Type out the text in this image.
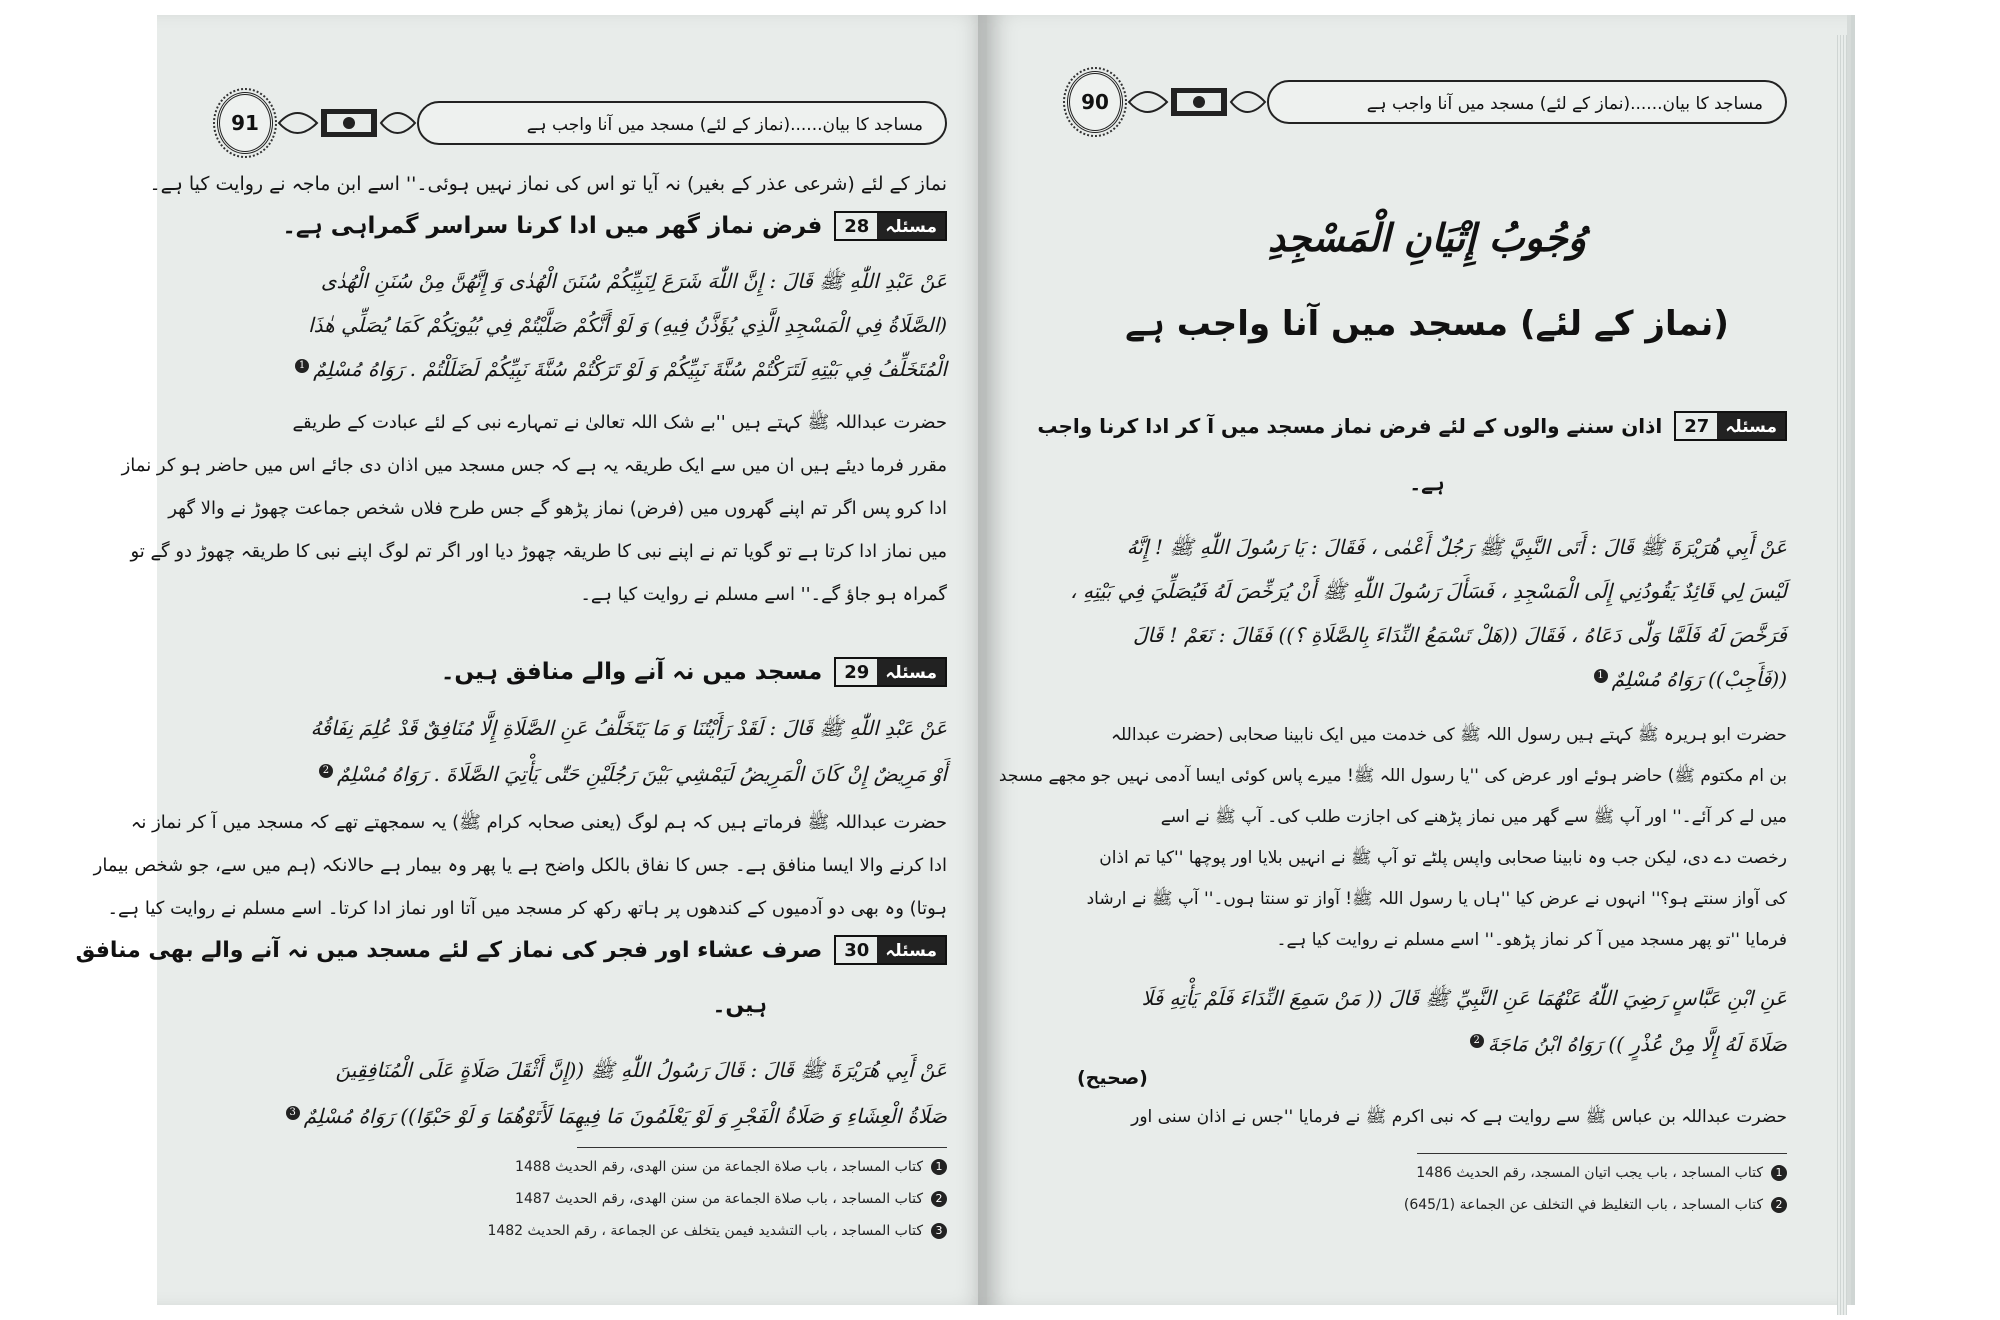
مساجد کا بیان......(نماز کے لئے) مسجد میں آنا واجب ہے
91
نماز کے لئے (شرعی عذر کے بغیر) نہ آیا تو اس کی نماز نہیں ہوئی۔'' اسے ابن ماجہ نے روایت کیا ہے۔
مسئلہ
28
فرض نماز گھر میں ادا کرنا سراسر گمراہی ہے۔
عَنْ عَبْدِ اللّٰهِ ﷺ قَالَ : إِنَّ اللّٰهَ شَرَعَ لِنَبِيِّكُمْ سُنَنَ الْهُدٰى وَ إِنَّهُنَّ مِنْ سُنَنِ الْهُدٰى
(الصَّلَاةُ فِي الْمَسْجِدِ الَّذِي يُؤَذَّنُ فِيهِ) وَ لَوْ أَنَّكُمْ صَلَّيْتُمْ فِي بُيُوتِكُمْ كَمَا يُصَلِّي هٰذَا
الْمُتَخَلِّفُ فِي بَيْتِهِ لَتَرَكْتُمْ سُنَّةَ نَبِيِّكُمْ وَ لَوْ تَرَكْتُمْ سُنَّةَ نَبِيِّكُمْ لَضَلَلْتُمْ . رَوَاهُ مُسْلِمٌ1
حضرت عبداللہ ﷺ کہتے ہیں ''بے شک اللہ تعالیٰ نے تمہارے نبی کے لئے عبادت کے طریقے
مقرر فرما دیئے ہیں ان میں سے ایک طریقہ یہ ہے کہ جس مسجد میں اذان دی جائے اس میں حاضر ہو کر نماز
ادا کرو پس اگر تم اپنے گھروں میں (فرض) نماز پڑھو گے جس طرح فلاں شخص جماعت چھوڑ نے والا گھر
میں نماز ادا کرتا ہے تو گویا تم نے اپنے نبی کا طریقہ چھوڑ دیا اور اگر تم لوگ اپنے نبی کا طریقہ چھوڑ دو گے تو
گمراہ ہو جاؤ گے۔'' اسے مسلم نے روایت کیا ہے۔
مسئلہ
29
مسجد میں نہ آنے والے منافق ہیں۔
عَنْ عَبْدِ اللّٰهِ ﷺ قَالَ : لَقَدْ رَأَيْتُنَا وَ مَا يَتَخَلَّفُ عَنِ الصَّلَاةِ إِلَّا مُنَافِقٌ قَدْ عُلِمَ نِفَاقُهُ
أَوْ مَرِيضٌ إِنْ كَانَ الْمَرِيضُ لَيَمْشِي بَيْنَ رَجُلَيْنِ حَتّٰى يَأْتِيَ الصَّلَاةَ . رَوَاهُ مُسْلِمٌ2
حضرت عبداللہ ﷺ فرماتے ہیں کہ ہم لوگ (یعنی صحابہ کرام ﷺ) یہ سمجھتے تھے کہ مسجد میں آ کر نماز نہ
ادا کرنے والا ایسا منافق ہے۔ جس کا نفاق بالکل واضح ہے یا پھر وہ بیمار ہے حالانکہ (ہم میں سے، جو شخص بیمار
ہوتا) وہ بھی دو آدمیوں کے کندھوں پر ہاتھ رکھ کر مسجد میں آتا اور نماز ادا کرتا۔ اسے مسلم نے روایت کیا ہے۔
مسئلہ
30
صرف عشاء اور فجر کی نماز کے لئے مسجد میں نہ آنے والے بھی منافق
ہیں۔
عَنْ أَبِي هُرَيْرَةَ ﷺ قَالَ : قَالَ رَسُولُ اللّٰهِ ﷺ ((إِنَّ أَثْقَلَ صَلَاةٍ عَلَى الْمُنَافِقِينَ
صَلَاةُ الْعِشَاءِ وَ صَلَاةُ الْفَجْرِ وَ لَوْ يَعْلَمُونَ مَا فِيهِمَا لَأَتَوْهُمَا وَ لَوْ حَبْوًا)) رَوَاهُ مُسْلِمٌ3
1كتاب المساجد ، باب صلاة الجماعة من سنن الهدى، رقم الحديث 1488
2كتاب المساجد ، باب صلاة الجماعة من سنن الهدى، رقم الحديث 1487
3كتاب المساجد ، باب التشديد فيمن يتخلف عن الجماعة ، رقم الحديث 1482
90	مساجد کا بیان......(نماز کے لئے) مسجد میں آنا واجب ہے
وُجُوبُ إِتْيَانِ الْمَسْجِدِ
(نماز کے لئے) مسجد میں آنا واجب ہے
مسئلہ
27
اذان سننے والوں کے لئے فرض نماز مسجد میں آ کر ادا کرنا واجب
ہے۔
عَنْ أَبِي هُرَيْرَةَ ﷺ قَالَ : أَتَى النَّبِيَّ ﷺ رَجُلٌ أَعْمٰى ، فَقَالَ : يَا رَسُولَ اللّٰهِ ﷺ ! إِنَّهُ
لَيْسَ لِي قَائِدٌ يَقُودُنِي إِلَى الْمَسْجِدِ ، فَسَأَلَ رَسُولَ اللّٰهِ ﷺ أَنْ يُرَخِّصَ لَهُ فَيُصَلِّيَ فِي بَيْتِهِ ،
فَرَخَّصَ لَهُ فَلَمَّا وَلّٰى دَعَاهُ ، فَقَالَ ((هَلْ تَسْمَعُ النِّدَاءَ بِالصَّلَاةِ ؟)) فَقَالَ : نَعَمْ ! قَالَ
((فَأَجِبْ)) رَوَاهُ مُسْلِمٌ1
حضرت ابو ہریرہ ﷺ کہتے ہیں رسول اللہ ﷺ کی خدمت میں ایک نابینا صحابی (حضرت عبداللہ
بن ام مکتوم ﷺ) حاضر ہوئے اور عرض کی ''یا رسول اللہ ﷺ! میرے پاس کوئی ایسا آدمی نہیں جو مجھے مسجد
میں لے کر آئے۔'' اور آپ ﷺ سے گھر میں نماز پڑھنے کی اجازت طلب کی۔ آپ ﷺ نے اسے
رخصت دے دی، لیکن جب وہ نابینا صحابی واپس پلٹے تو آپ ﷺ نے انہیں بلایا اور پوچھا ''کیا تم اذان
کی آواز سنتے ہو؟'' انہوں نے عرض کیا ''ہاں یا رسول اللہ ﷺ! آواز تو سنتا ہوں۔'' آپ ﷺ نے ارشاد
فرمایا ''تو پھر مسجد میں آ کر نماز پڑھو۔'' اسے مسلم نے روایت کیا ہے۔
عَنِ ابْنِ عَبَّاسٍ رَضِيَ اللّٰهُ عَنْهُمَا عَنِ النَّبِيِّ ﷺ قَالَ (( مَنْ سَمِعَ النِّدَاءَ فَلَمْ يَأْتِهِ فَلَا
صَلَاةَ لَهُ إِلَّا مِنْ عُذْرٍ )) رَوَاهُ ابْنُ مَاجَةَ2
(صحیح)
حضرت عبداللہ بن عباس ﷺ سے روایت ہے کہ نبی اکرم ﷺ نے فرمایا ''جس نے اذان سنی اور
1كتاب المساجد ، باب يجب اتيان المسجد، رقم الحديث 1486
2كتاب المساجد ، باب التغليظ في التخلف عن الجماعة (645/1)
